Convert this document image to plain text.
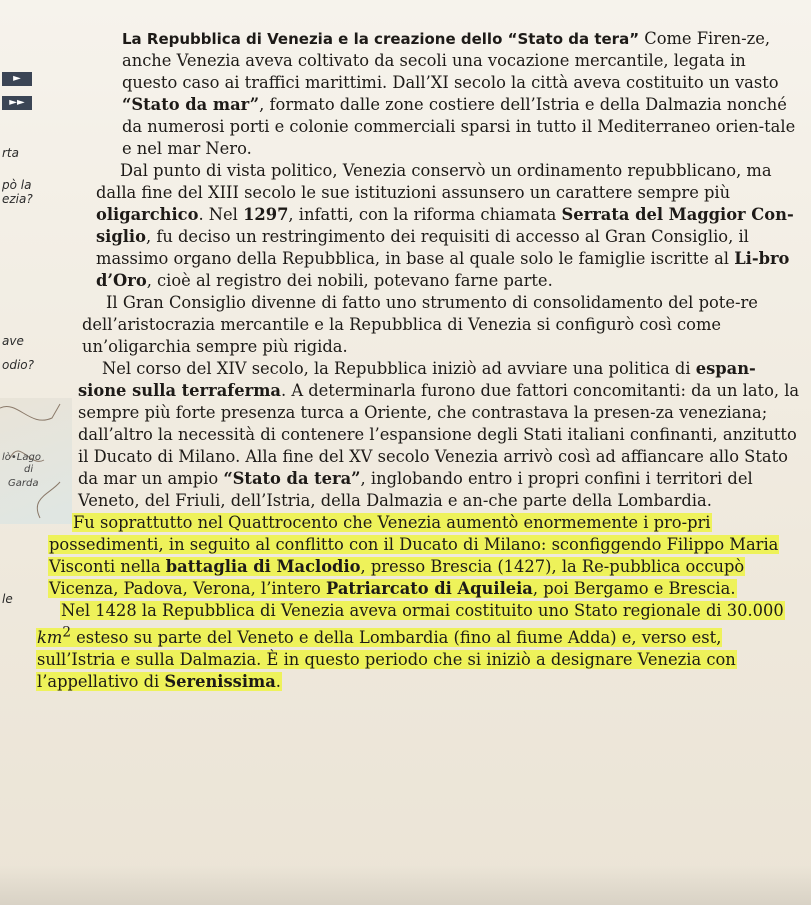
►
►►
rta
pò la
ezia?
ave
odio?
lò•Lago
di
Garda
le

La Repubblica di Venezia e la creazione dello “Stato da tera” Come Firen-ze, anche Venezia aveva coltivato da secoli una vocazione mercantile, legata in questo caso ai traffici marittimi. Dall’XI secolo la città aveva costituito un vasto “Stato da mar”, formato dalle zone costiere dell’Istria e della Dalmazia nonché da numerosi porti e colonie commerciali sparsi in tutto il Mediterraneo orien-tale e nel mar Nero.

Dal punto di vista politico, Venezia conservò un ordinamento repubblicano, ma dalla fine del XIII secolo le sue istituzioni assunsero un carattere sempre più oligarchico. Nel 1297, infatti, con la riforma chiamata Serrata del Maggior Con-siglio, fu deciso un restringimento dei requisiti di accesso al Gran Consiglio, il massimo organo della Repubblica, in base al quale solo le famiglie iscritte al Li-bro d’Oro, cioè al registro dei nobili, potevano farne parte.

Il Gran Consiglio divenne di fatto uno strumento di consolidamento del pote-re dell’aristocrazia mercantile e la Repubblica di Venezia si configurò così come un’oligarchia sempre più rigida.

Nel corso del XIV secolo, la Repubblica iniziò ad avviare una politica di espan-sione sulla terraferma. A determinarla furono due fattori concomitanti: da un lato, la sempre più forte presenza turca a Oriente, che contrastava la presen-za veneziana; dall’altro la necessità di contenere l’espansione degli Stati italiani confinanti, anzitutto il Ducato di Milano. Alla fine del XV secolo Venezia arrivò così ad affiancare allo Stato da mar un ampio “Stato da tera”, inglobando entro i propri confini i territori del Veneto, del Friuli, dell’Istria, della Dalmazia e an-che parte della Lombardia.

Fu soprattutto nel Quattrocento che Venezia aumentò enormemente i pro-pri possedimenti, in seguito al conflitto con il Ducato di Milano: sconfiggendo Filippo Maria Visconti nella battaglia di Maclodio, presso Brescia (1427), la Re-pubblica occupò Vicenza, Padova, Verona, l’intero Patriarcato di Aquileia, poi Bergamo e Brescia.

Nel 1428 la Repubblica di Venezia aveva ormai costituito uno Stato regionale di 30.000 $km^2$ esteso su parte del Veneto e della Lombardia (fino al fiume Adda) e, verso est, sull’Istria e sulla Dalmazia. È in questo periodo che si iniziò a designare Venezia con l’appellativo di Serenissima.
